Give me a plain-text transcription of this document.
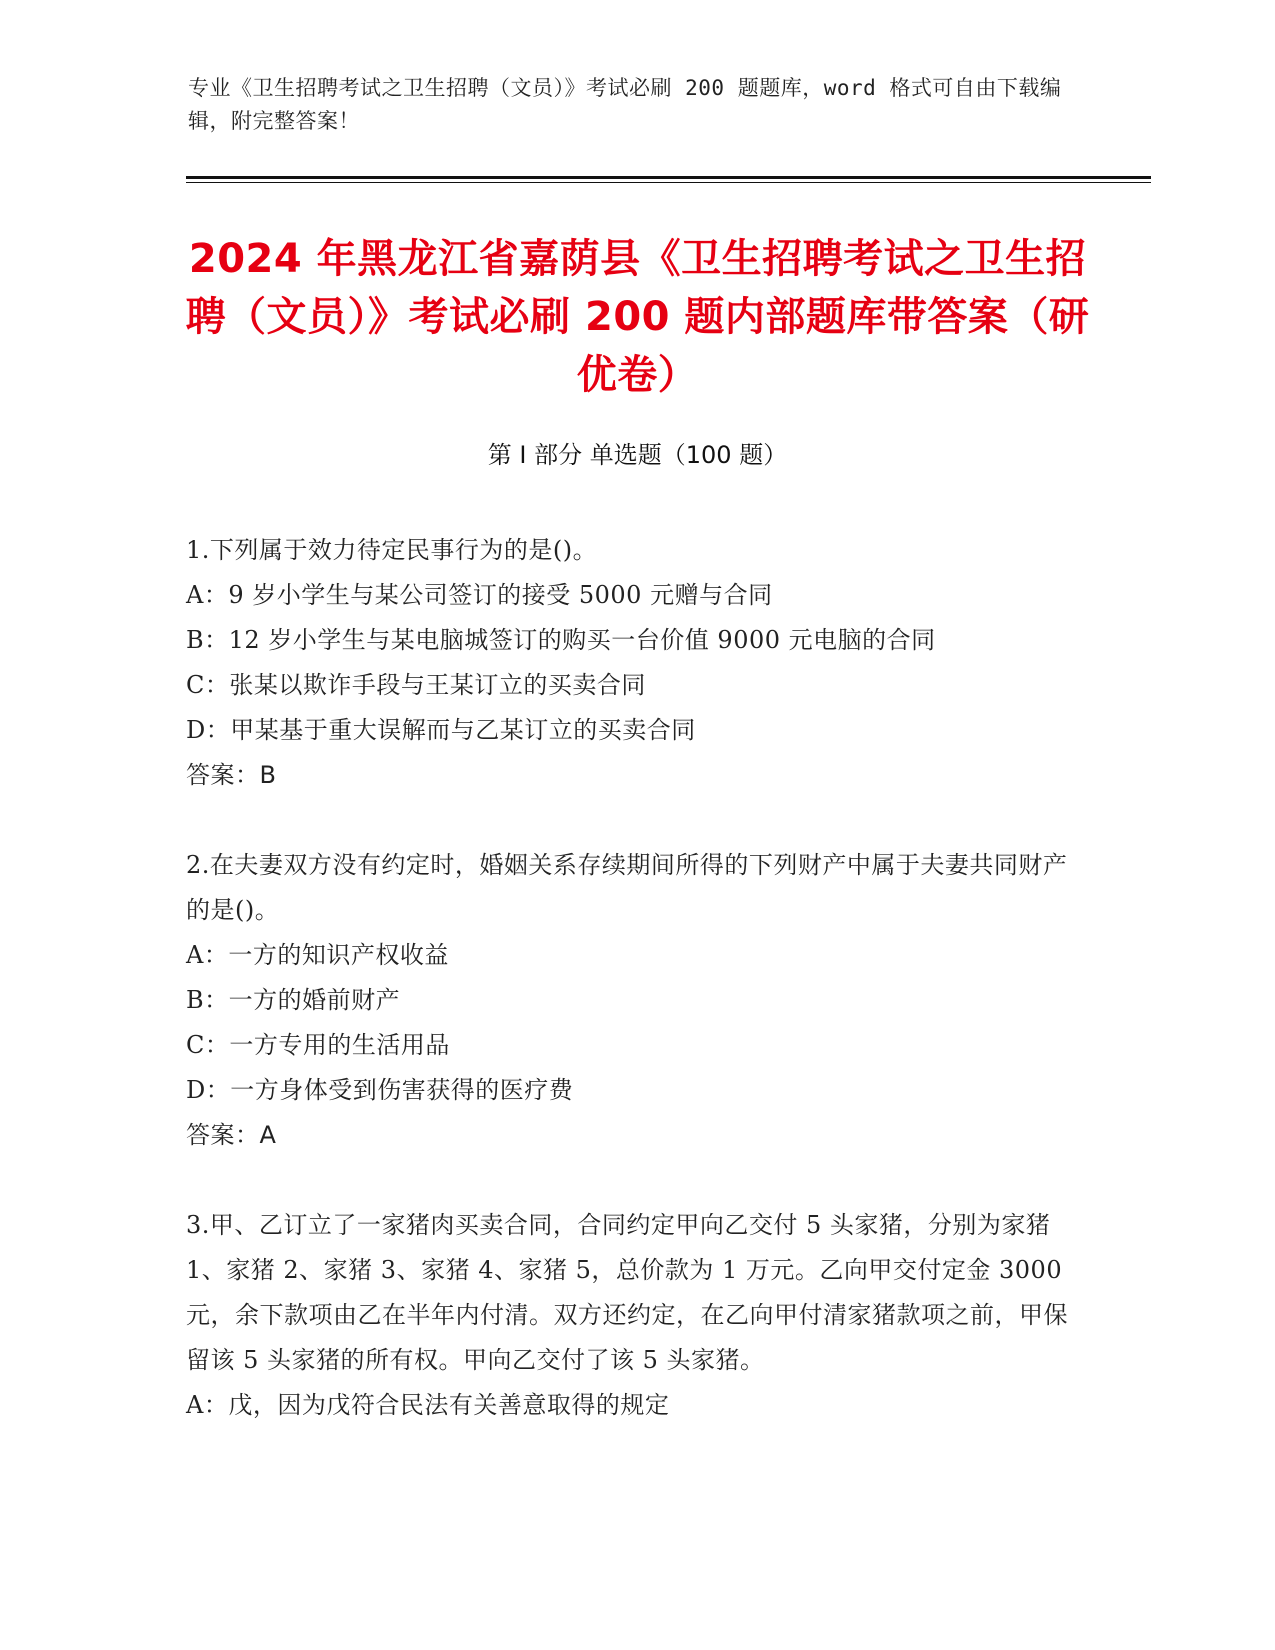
专业《卫生招聘考试之卫生招聘（文员）》考试必刷 200 题题库，word 格式可自由下载编辑，附完整答案！
2024 年黑龙江省嘉荫县《卫生招聘考试之卫生招聘（文员）》考试必刷 200 题内部题库带答案（研优卷）
第 I 部分 单选题（100 题）

1.下列属于效力待定民事行为的是()。

A：9 岁小学生与某公司签订的接受 5000 元赠与合同

B：12 岁小学生与某电脑城签订的购买一台价值 9000 元电脑的合同

C：张某以欺诈手段与王某订立的买卖合同

D：甲某基于重大误解而与乙某订立的买卖合同

答案：B

2.在夫妻双方没有约定时，婚姻关系存续期间所得的下列财产中属于夫妻共同财产的是()。

A：一方的知识产权收益

B：一方的婚前财产

C：一方专用的生活用品

D：一方身体受到伤害获得的医疗费

答案：A

3.甲、乙订立了一家猪肉买卖合同，合同约定甲向乙交付 5 头家猪，分别为家猪 1、家猪 2、家猪 3、家猪 4、家猪 5，总价款为 1 万元。乙向甲交付定金 3000 元，余下款项由乙在半年内付清。双方还约定，在乙向甲付清家猪款项之前，甲保留该 5 头家猪的所有权。甲向乙交付了该 5 头家猪。

A：戊，因为戊符合民法有关善意取得的规定
